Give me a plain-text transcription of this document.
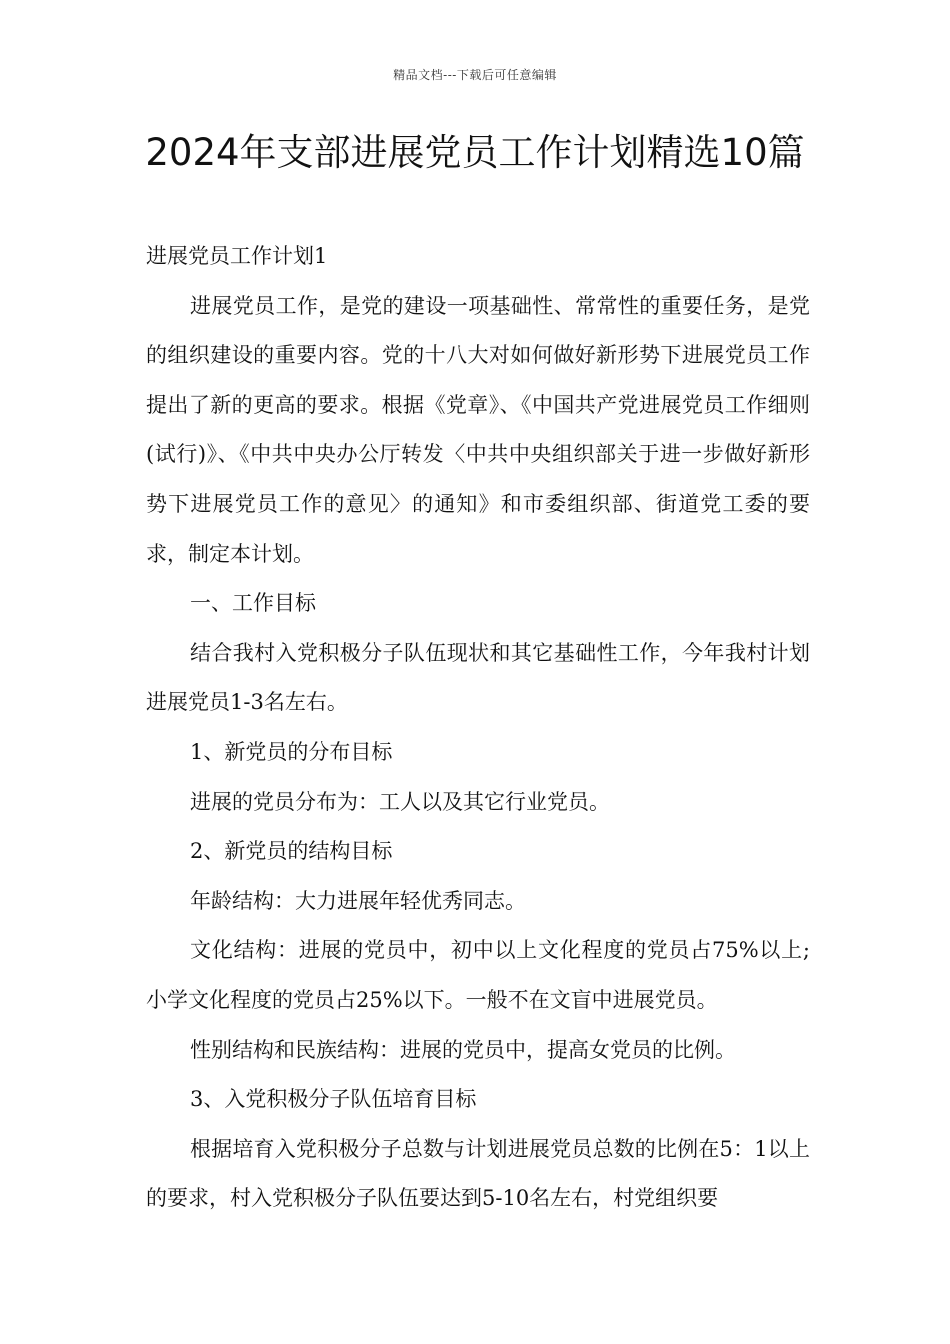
精品文档---下载后可任意编辑
2024年支部进展党员工作计划精选10篇

进展党员工作计划1

进展党员工作，是党的建设一项基础性、常常性的重要任务，是党的组织建设的重要内容。党的十八大对如何做好新形势下进展党员工作提出了新的更高的要求。根据《党章》、《中国共产党进展党员工作细则(试行)》、《中共中央办公厅转发〈中共中央组织部关于进一步做好新形势下进展党员工作的意见〉的通知》和市委组织部、街道党工委的要求，制定本计划。

一、工作目标

结合我村入党积极分子队伍现状和其它基础性工作，今年我村计划进展党员1-3名左右。

1、新党员的分布目标

进展的党员分布为：工人以及其它行业党员。

2、新党员的结构目标

年龄结构：大力进展年轻优秀同志。

文化结构：进展的党员中，初中以上文化程度的党员占75%以上;小学文化程度的党员占25%以下。一般不在文盲中进展党员。

性别结构和民族结构：进展的党员中，提高女党员的比例。

3、入党积极分子队伍培育目标

根据培育入党积极分子总数与计划进展党员总数的比例在5：1以上的要求，村入党积极分子队伍要达到5-10名左右，村党组织要
